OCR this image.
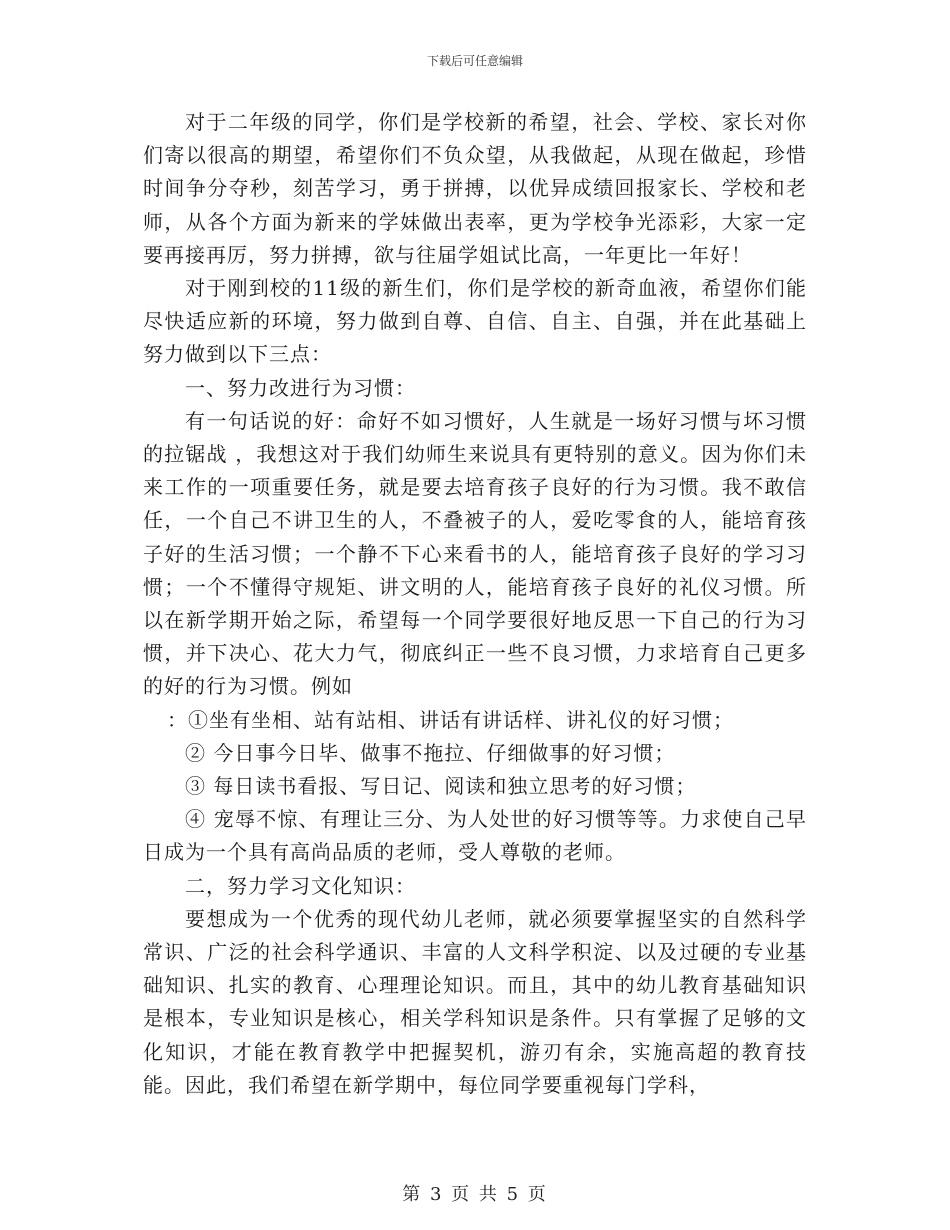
下载后可任意编辑

对于二年级的同学，你们是学校新的希望，社会、学校、家长对你们寄以很高的期望，希望你们不负众望，从我做起，从现在做起，珍惜时间争分夺秒，刻苦学习，勇于拼搏，以优异成绩回报家长、学校和老师，从各个方面为新来的学妹做出表率，更为学校争光添彩，大家一定要再接再厉，努力拼搏，欲与往届学姐试比高，一年更比一年好！

对于刚到校的11级的新生们，你们是学校的新奇血液，希望你们能尽快适应新的环境，努力做到自尊、自信、自主、自强，并在此基础上努力做到以下三点：

一、努力改进行为习惯：

有一句话说的好：命好不如习惯好，人生就是一场好习惯与坏习惯的拉锯战 ，我想这对于我们幼师生来说具有更特别的意义。因为你们未来工作的一项重要任务，就是要去培育孩子良好的行为习惯。我不敢信任，一个自己不讲卫生的人，不叠被子的人，爱吃零食的人，能培育孩子好的生活习惯；一个静不下心来看书的人，能培育孩子良好的学习习惯；一个不懂得守规矩、讲文明的人，能培育孩子良好的礼仪习惯。所以在新学期开始之际，希望每一个同学要很好地反思一下自己的行为习惯，并下决心、花大力气，彻底纠正一些不良习惯，力求培育自己更多的好的行为习惯。例如

：①坐有坐相、站有站相、讲话有讲话样、讲礼仪的好习惯；

② 今日事今日毕、做事不拖拉、仔细做事的好习惯；

③ 每日读书看报、写日记、阅读和独立思考的好习惯；

④ 宠辱不惊、有理让三分、为人处世的好习惯等等。力求使自己早日成为一个具有高尚品质的老师，受人尊敬的老师。

二，努力学习文化知识：

要想成为一个优秀的现代幼儿老师，就必须要掌握坚实的自然科学常识、广泛的社会科学通识、丰富的人文科学积淀、以及过硬的专业基础知识、扎实的教育、心理理论知识。而且，其中的幼儿教育基础知识是根本，专业知识是核心，相关学科知识是条件。只有掌握了足够的文化知识，才能在教育教学中把握契机，游刃有余，实施高超的教育技能。因此，我们希望在新学期中，每位同学要重视每门学科，

第 3 页 共 5 页
